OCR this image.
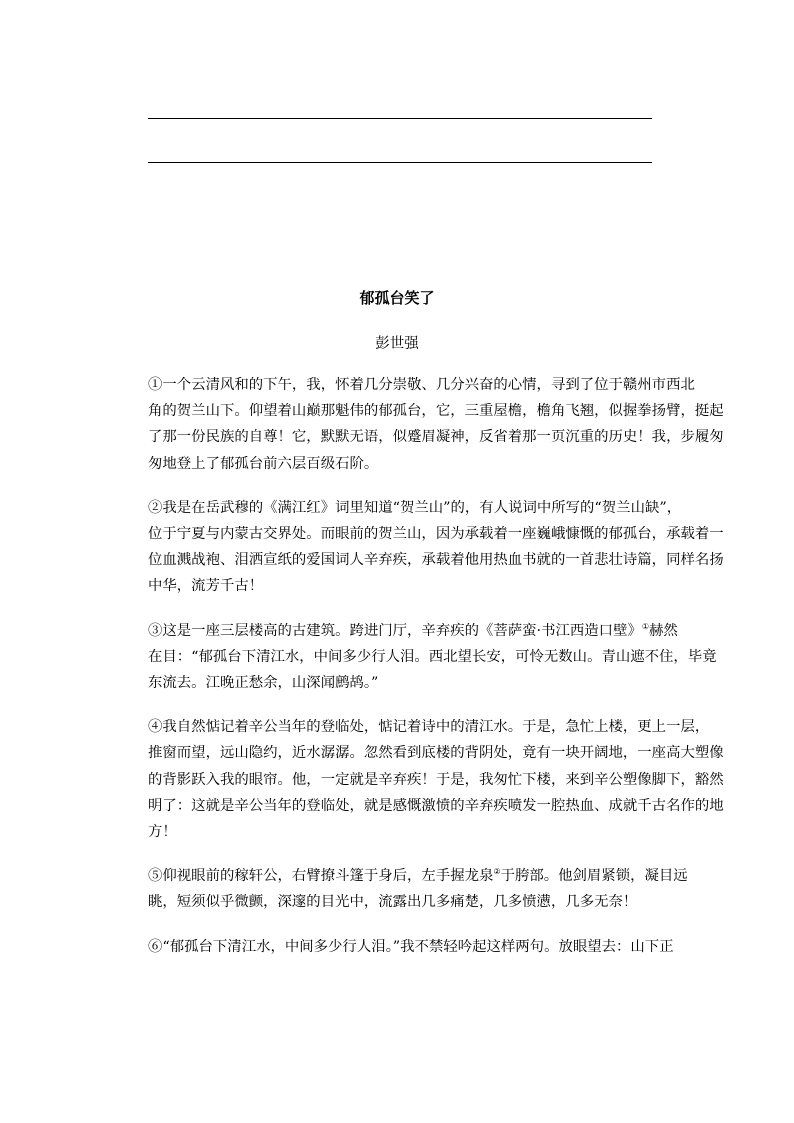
郁孤台笑了
彭世强

①一个云清风和的下午，我，怀着几分崇敬、几分兴奋的心情，寻到了位于赣州市西北
角的贺兰山下。仰望着山巅那魁伟的郁孤台，它，三重屋檐，檐角飞翘，似握拳扬臂，挺起
了那一份民族的自尊！它，默默无语，似蹙眉凝神，反省着那一页沉重的历史！我，步履匆
匆地登上了郁孤台前六层百级石阶。

②我是在岳武穆的《满江红》词里知道“贺兰山”的，有人说词中所写的“贺兰山缺”，
位于宁夏与内蒙古交界处。而眼前的贺兰山，因为承载着一座巍峨慷慨的郁孤台，承载着一
位血溅战袍、泪洒宣纸的爱国词人辛弃疾，承载着他用热血书就的一首悲壮诗篇，同样名扬
中华，流芳千古！

③这是一座三层楼高的古建筑。跨进门厅，辛弃疾的《菩萨蛮·书江西造口壁》①赫然
在目：“郁孤台下清江水，中间多少行人泪。西北望长安，可怜无数山。青山遮不住，毕竟
东流去。江晚正愁余，山深闻鹧鸪。”

④我自然惦记着辛公当年的登临处，惦记着诗中的清江水。于是，急忙上楼，更上一层，
推窗而望，远山隐约，近水潺潺。忽然看到底楼的背阴处，竟有一块开阔地，一座高大塑像
的背影跃入我的眼帘。他，一定就是辛弃疾！于是，我匆忙下楼，来到辛公塑像脚下，豁然
明了：这就是辛公当年的登临处，就是感慨激愤的辛弃疾喷发一腔热血、成就千古名作的地
方！

⑤仰视眼前的稼轩公，右臂撩斗篷于身后，左手握龙泉②于胯部。他剑眉紧锁，凝目远
眺，短须似乎微颤，深邃的目光中，流露出几多痛楚，几多愤懑，几多无奈！

⑥“郁孤台下清江水，中间多少行人泪。”我不禁轻吟起这样两句。放眼望去：山下正
